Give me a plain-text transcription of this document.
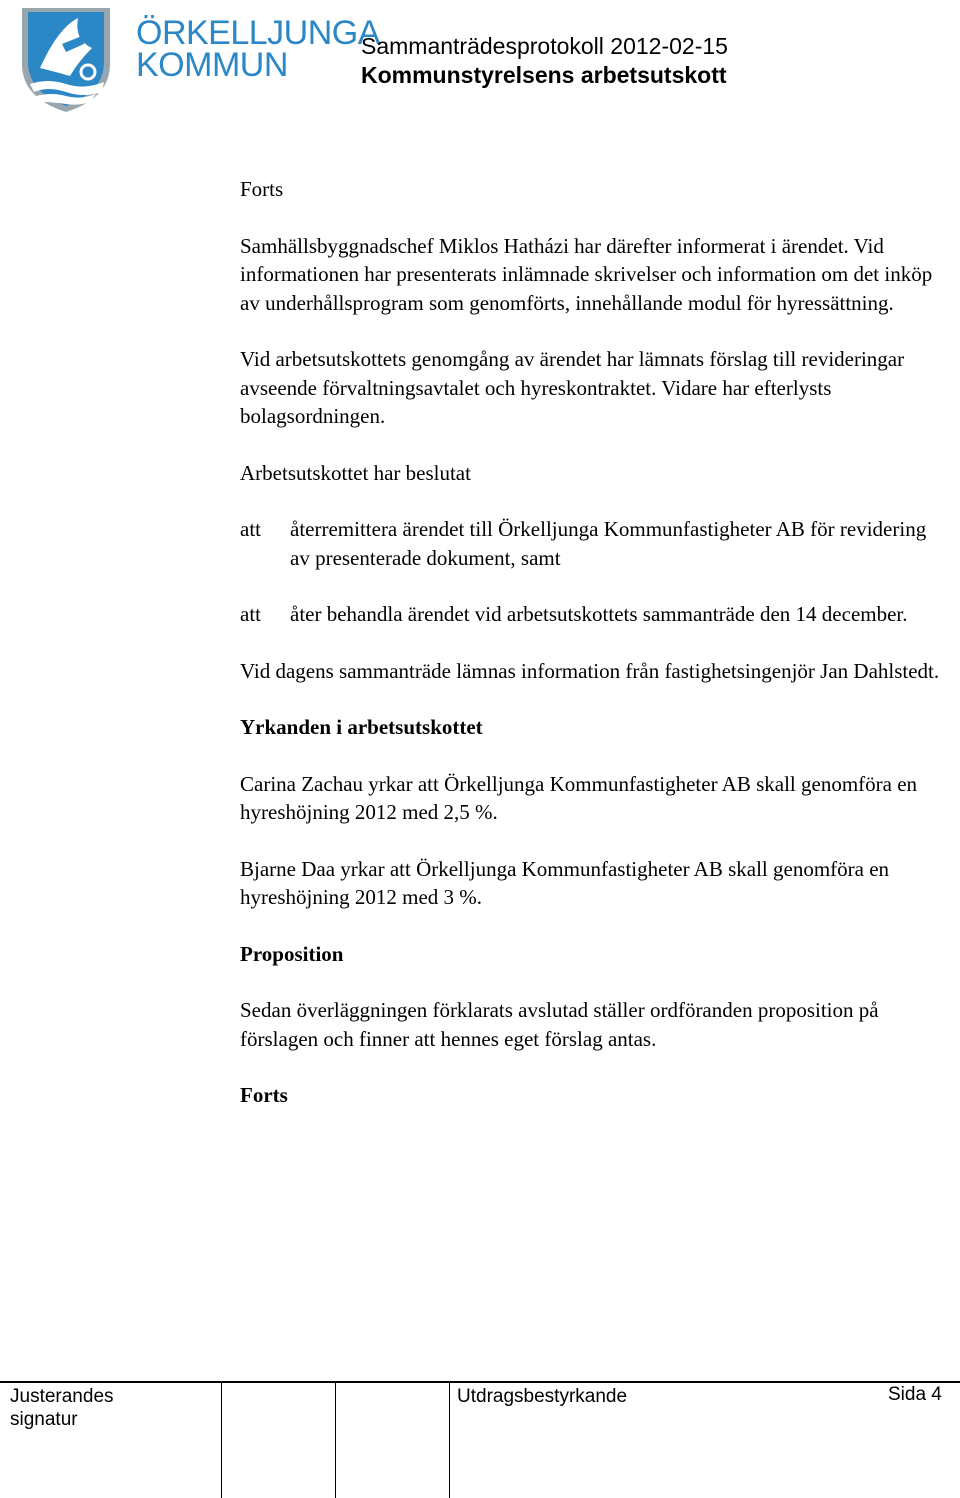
ÖRKELLJUNGA
KOMMUN	Sammanträdesprotokoll 2012-02-15
Kommunstyrelsens arbetsutskott

Forts

Samhällsbyggnadschef Miklos Hatházi har därefter informerat i ärendet. Vid informationen har presenterats inlämnade skrivelser och information om det inköp av underhållsprogram som genomförts, innehållande modul för hyressättning.

Vid arbetsutskottets genomgång av ärendet har lämnats förslag till revideringar avseende förvaltningsavtalet och hyreskontraktet. Vidare har efterlysts bolagsordningen.

Arbetsutskottet har beslutat

att	återremittera ärendet till Örkelljunga Kommunfastigheter AB för revidering av presenterade dokument, samt
att	åter behandla ärendet vid arbetsutskottets sammanträde den 14 december.

Vid dagens sammanträde lämnas information från fastighetsingenjör Jan Dahlstedt.

Yrkanden i arbetsutskottet

Carina Zachau yrkar att Örkelljunga Kommunfastigheter AB skall genomföra en hyreshöjning 2012 med 2,5 %.

Bjarne Daa yrkar att Örkelljunga Kommunfastigheter AB skall genomföra en hyreshöjning 2012 med 3 %.

Proposition

Sedan överläggningen förklarats avslutad ställer ordföranden proposition på förslagen och finner att hennes eget förslag antas.

Forts

Justerandes
signatur
Utdragsbestyrkande	Sida 4
